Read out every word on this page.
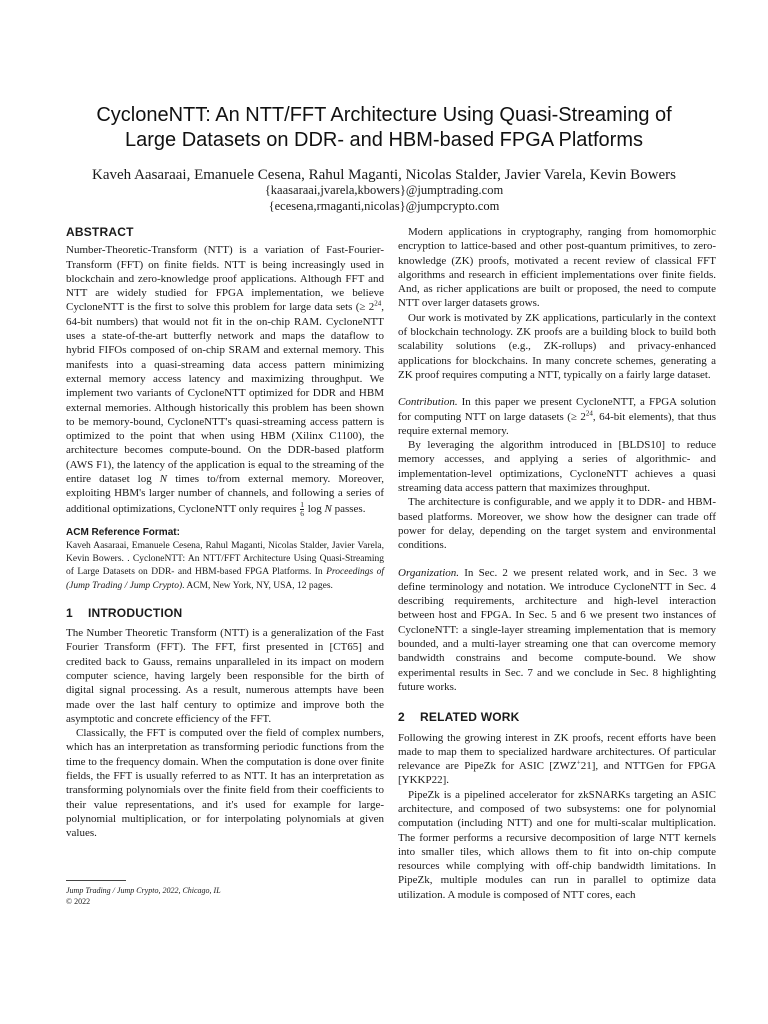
CycloneNTT: An NTT/FFT Architecture Using Quasi-Streaming of
Large Datasets on DDR- and HBM-based FPGA Platforms
Kaveh Aasaraai, Emanuele Cesena, Rahul Maganti, Nicolas Stalder, Javier Varela, Kevin Bowers
{kaasaraai,jvarela,kbowers}@jumptrading.com
{ecesena,rmaganti,nicolas}@jumpcrypto.com
ABSTRACT

Number-Theoretic-Transform (NTT) is a variation of Fast-Fourier-Transform (FFT) on finite fields. NTT is being increasingly used in blockchain and zero-knowledge proof applications. Although FFT and NTT are widely studied for FPGA implementation, we believe CycloneNTT is the first to solve this problem for large data sets (≥ $2^{24}$, 64-bit numbers) that would not fit in the on-chip RAM. CycloneNTT uses a state-of-the-art butterfly network and maps the dataflow to hybrid FIFOs composed of on-chip SRAM and external memory. This manifests into a quasi-streaming data access pattern minimizing external memory access latency and maximizing throughput. We implement two variants of CycloneNTT optimized for DDR and HBM external memories. Although historically this problem has been shown to be memory-bound, CycloneNTT's quasi-streaming access pattern is optimized to the point that when using HBM (Xilinx C1100), the architecture becomes compute-bound. On the DDR-based platform (AWS F1), the latency of the application is equal to the streaming of the entire dataset log N times to/from external memory. Moreover, exploiting HBM's larger number of channels, and following a series of additional optimizations, CycloneNTT only requires $\frac{1}{6}$ log N passes.

ACM Reference Format:

Kaveh Aasaraai, Emanuele Cesena, Rahul Maganti, Nicolas Stalder, Javier Varela, Kevin Bowers. . CycloneNTT: An NTT/FFT Architecture Using Quasi-Streaming of Large Datasets on DDR- and HBM-based FPGA Platforms. In Proceedings of (Jump Trading / Jump Crypto). ACM, New York, NY, USA, 12 pages.

1 INTRODUCTION

The Number Theoretic Transform (NTT) is a generalization of the Fast Fourier Transform (FFT). The FFT, first presented in [CT65] and credited back to Gauss, remains unparalleled in its impact on modern computer science, having largely been responsible for the birth of digital signal processing. As a result, numerous attempts have been made over the last half century to optimize and improve both the asymptotic and concrete efficiency of the FFT.

Classically, the FFT is computed over the field of complex numbers, which has an interpretation as transforming periodic functions from the time to the frequency domain. When the computation is done over finite fields, the FFT is usually referred to as NTT. It has an interpretation as transforming polynomials over the finite field from their coefficients to their value representations, and it's used for example for large-polynomial multiplication, or for interpolating polynomials at given values.

Modern applications in cryptography, ranging from homomorphic encryption to lattice-based and other post-quantum primitives, to zero-knowledge (ZK) proofs, motivated a recent review of classical FFT algorithms and research in efficient implementations over finite fields. And, as richer applications are built or proposed, the need to compute NTT over larger datasets grows.

Our work is motivated by ZK applications, particularly in the context of blockchain technology. ZK proofs are a building block to build both scalability solutions (e.g., ZK-rollups) and privacy-enhanced applications for blockchains. In many concrete schemes, generating a ZK proof requires computing a NTT, typically on a fairly large dataset.

Contribution. In this paper we present CycloneNTT, a FPGA solution for computing NTT on large datasets (≥ $2^{24}$, 64-bit elements), that thus require external memory.

By leveraging the algorithm introduced in [BLDS10] to reduce memory accesses, and applying a series of algorithmic- and implementation-level optimizations, CycloneNTT achieves a quasi streaming data access pattern that maximizes throughput.

The architecture is configurable, and we apply it to DDR- and HBM-based platforms. Moreover, we show how the designer can trade off power for delay, depending on the target system and environmental conditions.

Organization. In Sec. 2 we present related work, and in Sec. 3 we define terminology and notation. We introduce CycloneNTT in Sec. 4 describing requirements, architecture and high-level interaction between host and FPGA. In Sec. 5 and 6 we present two instances of CycloneNTT: a single-layer streaming implementation that is memory bounded, and a multi-layer streaming one that can overcome memory bandwidth constrains and become compute-bound. We show experimental results in Sec. 7 and we conclude in Sec. 8 highlighting future works.

2 RELATED WORK

Following the growing interest in ZK proofs, recent efforts have been made to map them to specialized hardware architectures. Of particular relevance are PipeZk for ASIC [ZWZ+21], and NTTGen for FPGA [YKKP22].

PipeZk is a pipelined accelerator for zkSNARKs targeting an ASIC architecture, and composed of two subsystems: one for polynomial computation (including NTT) and one for multi-scalar multiplication. The former performs a recursive decomposition of large NTT kernels into smaller tiles, which allows them to fit into on-chip compute resources while complying with off-chip bandwidth limitations. In PipeZk, multiple modules can run in parallel to optimize data utilization. A module is composed of NTT cores, each

Jump Trading / Jump Crypto, 2022, Chicago, IL
© 2022
